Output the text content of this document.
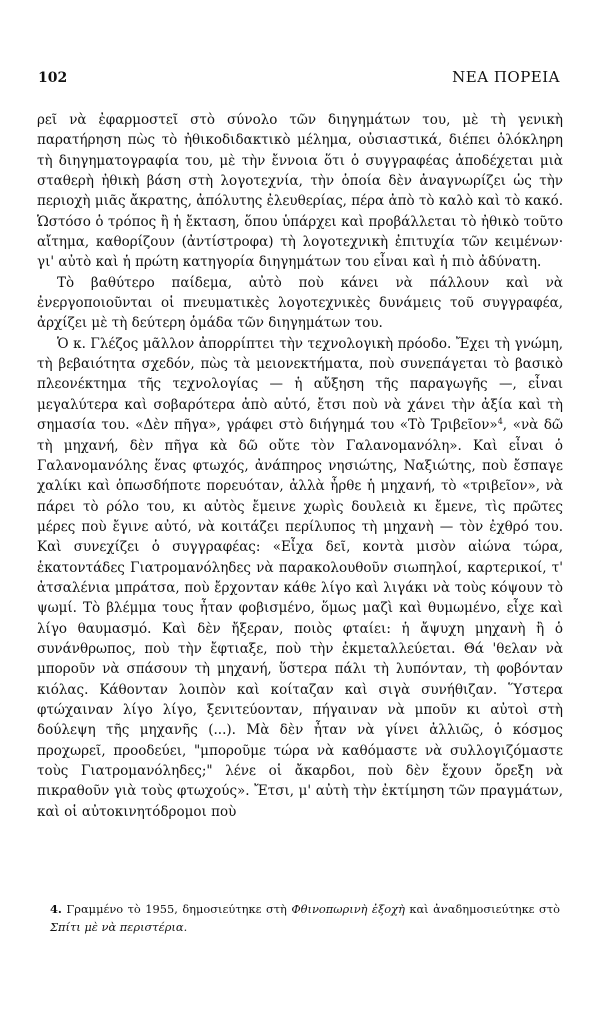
102	ΝΕΑ ΠΟΡΕΙΑ

ρεῖ νὰ ἐφαρμοστεῖ στὸ σύνολο τῶν διηγημάτων του, μὲ τὴ γενικὴ παρατήρηση πὼς τὸ ἠθικοδιδακτικὸ μέλημα, οὐσιαστικά, διέπει ὁλόκληρη τὴ διηγηματογραφία του, μὲ τὴν ἔννοια ὅτι ὁ συγγραφέας ἀποδέχεται μιὰ σταθερὴ ἠθικὴ βάση στὴ λογοτεχνία, τὴν ὁποία δὲν ἀναγνωρίζει ὡς τὴν περιοχὴ μιᾶς ἄκρατης, ἀπόλυτης ἐλευθερίας, πέρα ἀπὸ τὸ καλὸ καὶ τὸ κακό. Ὡστόσο ὁ τρόπος ἢ ἡ ἔκταση, ὅπου ὑπάρχει καὶ προβάλλεται τὸ ἠθικὸ τοῦτο αἴτημα, καθορίζουν (ἀντίστροφα) τὴ λογοτεχνικὴ ἐπιτυχία τῶν κειμένων· γι' αὐτὸ καὶ ἡ πρώτη κατηγορία διηγημάτων του εἶναι καὶ ἡ πιὸ ἀδύνατη.

Τὸ βαθύτερο παίδεμα, αὐτὸ ποὺ κάνει νὰ πάλλουν καὶ νὰ ἐνεργοποιοῦνται οἱ πνευματικὲς λογοτεχνικὲς δυνάμεις τοῦ συγγραφέα, ἀρχίζει μὲ τὴ δεύτερη ὁμάδα τῶν διηγημάτων του.

Ὁ κ. Γλέζος μᾶλλον ἀπορρίπτει τὴν τεχνολογικὴ πρόοδο. Ἔχει τὴ γνώμη, τὴ βεβαιότητα σχεδόν, πὼς τὰ μειονεκτήματα, ποὺ συνεπάγεται τὸ βασικὸ πλεονέκτημα τῆς τεχνολογίας — ἡ αὔξηση τῆς παραγωγῆς —, εἶναι μεγαλύτερα καὶ σοβαρότερα ἀπὸ αὐτό, ἔτσι ποὺ νὰ χάνει τὴν ἀξία καὶ τὴ σημασία του. «Δὲν πῆγα», γράφει στὸ διήγημά του «Τὸ Τριβεῖον»$^4$, «νὰ δῶ τὴ μηχανή, δὲν πῆγα κὰ δῶ οὔτε τὸν Γαλανομανόλη». Καὶ εἶναι ὁ Γαλανομανόλης ἕνας φτωχός, ἀνάπηρος νησιώτης, Ναξιώτης, ποὺ ἔσπαγε χαλίκι καὶ ὁπωσδήποτε πορευόταν, ἀλλὰ ἦρθε ἡ μηχανή, τὸ «τριβεῖον», νὰ πάρει τὸ ρόλο του, κι αὐτὸς ἔμεινε χωρὶς δουλειὰ κι ἔμενε, τὶς πρῶτες μέρες ποὺ ἔγινε αὐτό, νὰ κοιτάζει περίλυπος τὴ μηχανὴ — τὸν ἐχθρό του. Καὶ συνεχίζει ὁ συγγραφέας: «Εἶχα δεῖ, κοντὰ μισὸν αἰώνα τώρα, ἑκατοντάδες Γιατρομανόληδες νὰ παρακολουθοῦν σιωπηλοί, καρτερικοί, τ' ἀτσαλένια μπράτσα, ποὺ ἔρχονταν κάθε λίγο καὶ λιγάκι νὰ τοὺς κόψουν τὸ ψωμί. Τὸ βλέμμα τους ἦταν φοβισμένο, ὅμως μαζὶ καὶ θυμωμένο, εἶχε καὶ λίγο θαυμασμό. Καὶ δὲν ἤξεραν, ποιὸς φταίει: ἡ ἄψυχη μηχανὴ ἢ ὁ συνάνθρωπος, ποὺ τὴν ἔφτιαξε, ποὺ τὴν ἐκμεταλλεύεται. Θά 'θελαν νὰ μποροῦν νὰ σπάσουν τὴ μηχανή, ὕστερα πάλι τὴ λυπόνταν, τὴ φοβόνταν κιόλας. Κάθονταν λοιπὸν καὶ κοίταζαν καὶ σιγὰ συνήθιζαν. Ὕστερα φτώχαιναν λίγο λίγο, ξενιτεύονταν, πήγαιναν νὰ μποῦν κι αὐτοὶ στὴ δούλεψη τῆς μηχανῆς (...). Μὰ δὲν ἦταν νὰ γίνει ἀλλιῶς, ὁ κόσμος προχωρεῖ, προοδεύει, "μποροῦμε τώρα νὰ καθόμαστε νὰ συλλογιζόμαστε τοὺς Γιατρομανόληδες;" λένε οἱ ἄκαρδοι, ποὺ δὲν ἔχουν ὄρεξη νὰ πικραθοῦν γιὰ τοὺς φτωχούς». Ἔτσι, μ' αὐτὴ τὴν ἐκτίμηση τῶν πραγμάτων, καὶ οἱ αὐτοκινητόδρομοι ποὺ

4. Γραμμένο τὸ 1955, δημοσιεύτηκε στὴ Φθινοπωρινὴ ἐξοχὴ καὶ ἀναδημοσιεύτηκε στὸ Σπίτι μὲ νὰ περιστέρια.
